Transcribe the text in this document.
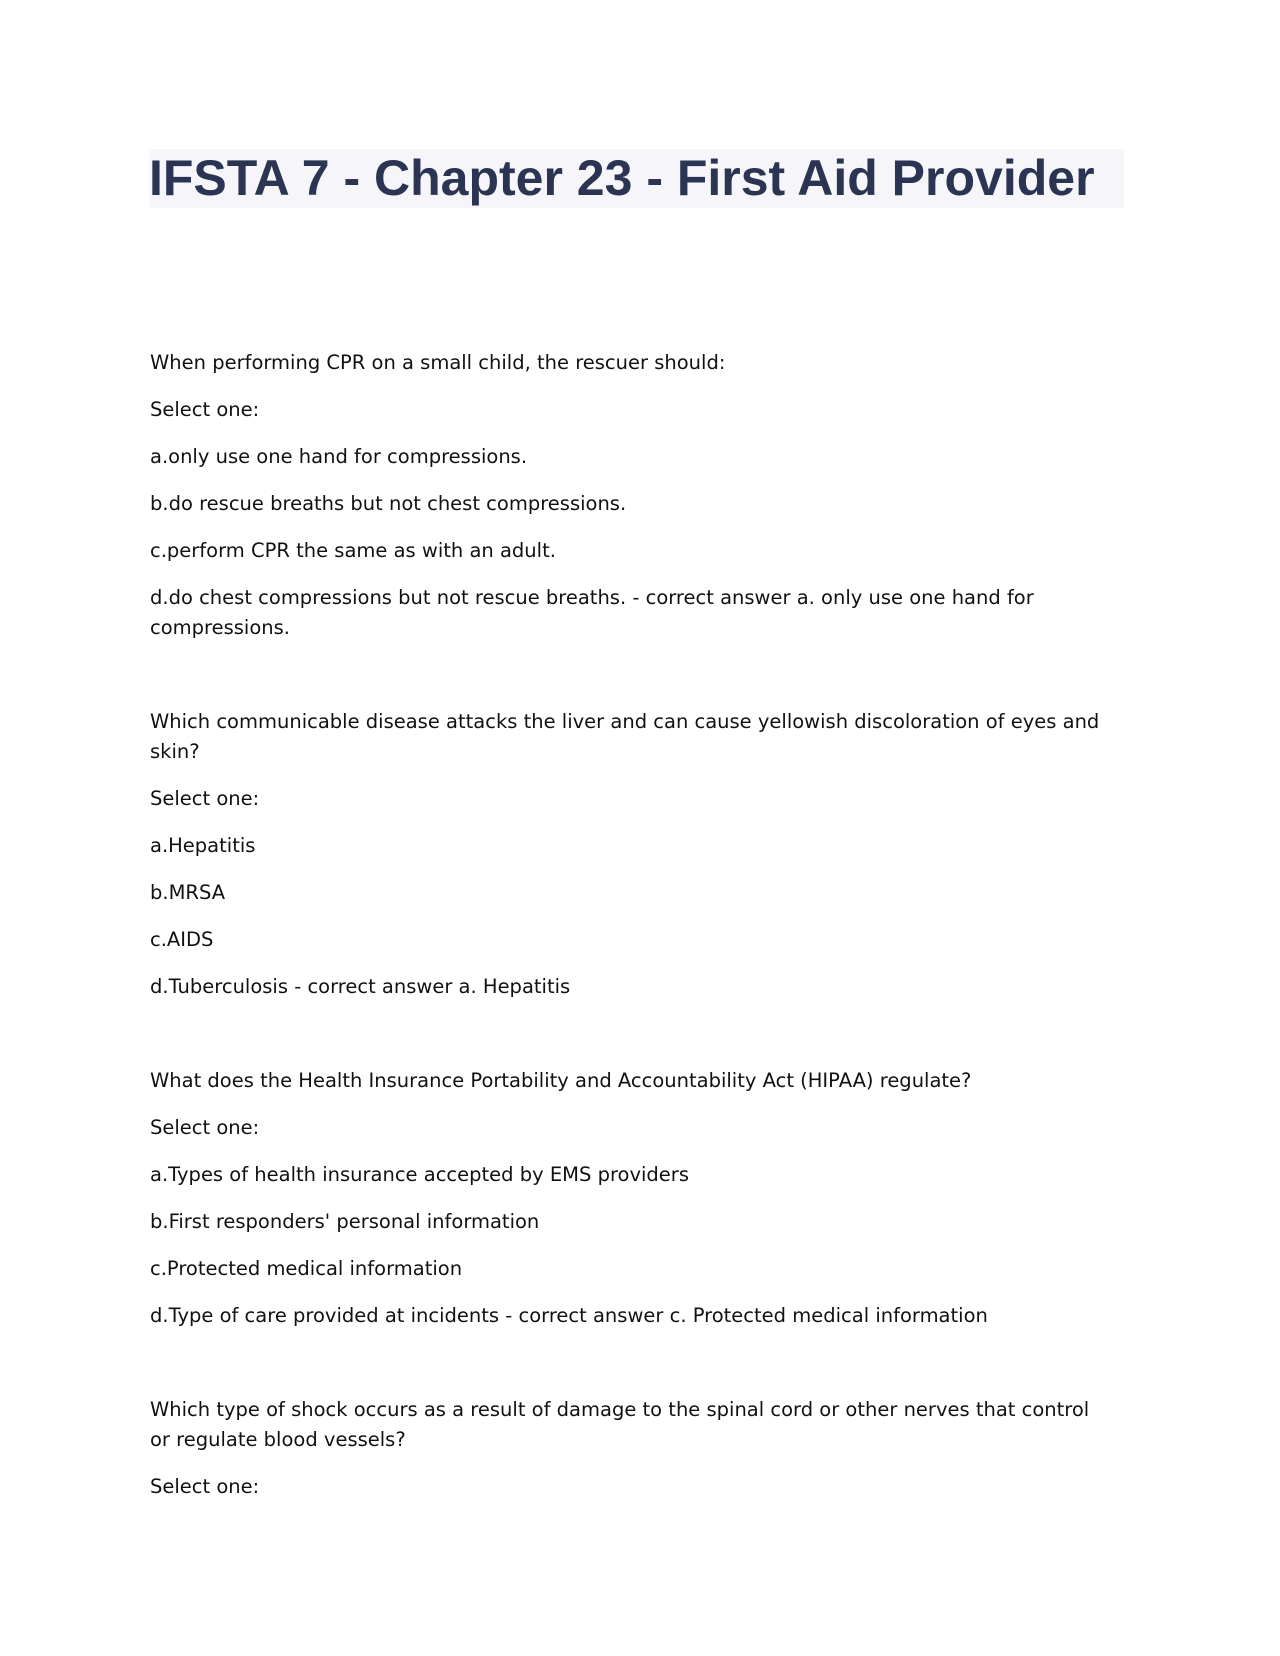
IFSTA 7 - Chapter 23 - First Aid Provider

When performing CPR on a small child, the rescuer should:

Select one:

a.only use one hand for compressions.

b.do rescue breaths but not chest compressions.

c.perform CPR the same as with an adult.

d.do chest compressions but not rescue breaths. - correct answer a. only use one hand for compressions.

Which communicable disease attacks the liver and can cause yellowish discoloration of eyes and skin?

Select one:

a.Hepatitis

b.MRSA

c.AIDS

d.Tuberculosis - correct answer a. Hepatitis

What does the Health Insurance Portability and Accountability Act (HIPAA) regulate?

Select one:

a.Types of health insurance accepted by EMS providers

b.First responders' personal information

c.Protected medical information

d.Type of care provided at incidents - correct answer c. Protected medical information

Which type of shock occurs as a result of damage to the spinal cord or other nerves that control or regulate blood vessels?

Select one:
